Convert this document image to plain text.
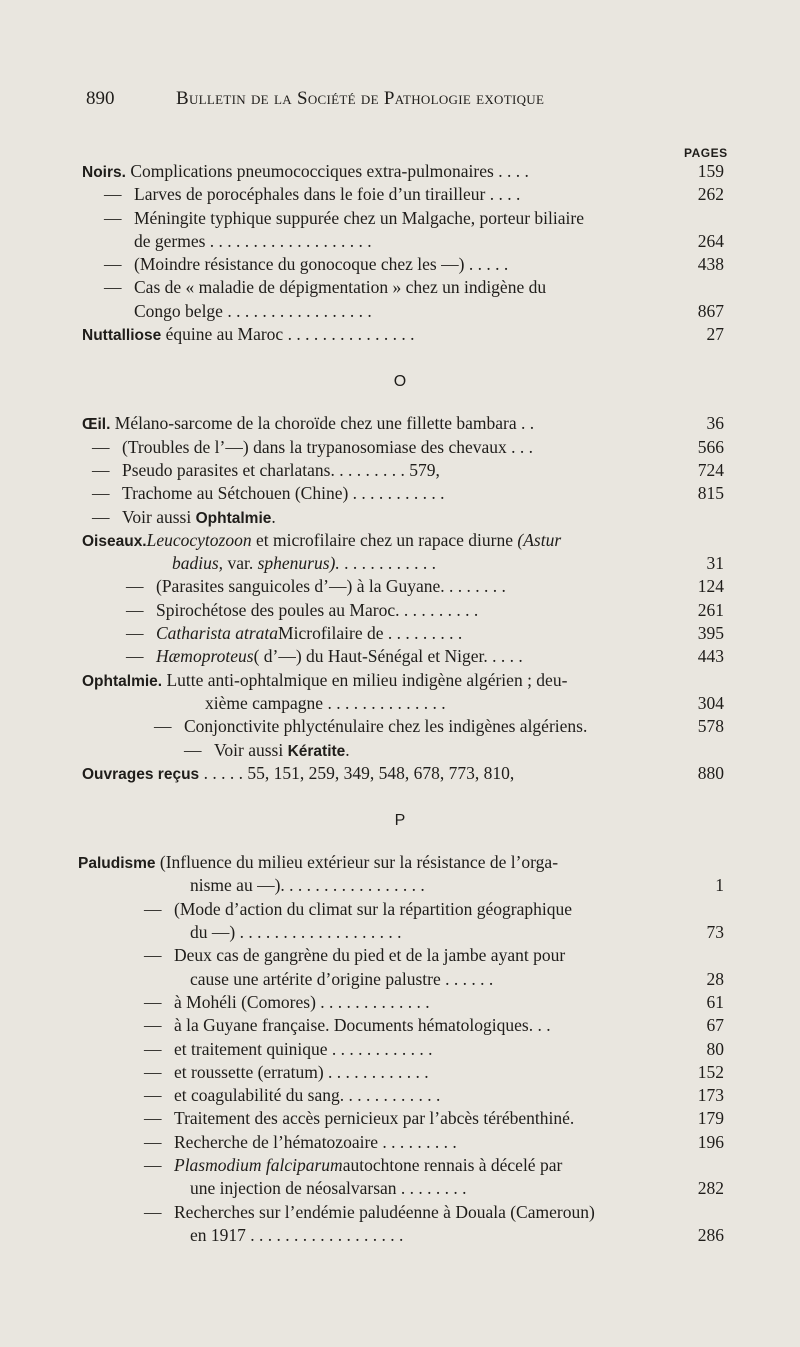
890	Bulletin de la Société de Pathologie exotique
PAGES
Noirs. Complications pneumococciques extra-pulmonaires . . . .	159
— Larves de porocéphales dans le foie d’un tirailleur . . . .	262
— Méningite typhique suppurée chez un Malgache, porteur biliaire
de germes . . . . . . . . . . . . . . . . . . .	264
— (Moindre résistance du gonocoque chez les —) . . . . .	438
— Cas de « maladie de dépigmentation » chez un indigène du
Congo belge . . . . . . . . . . . . . . . . .	867
Nuttalliose équine au Maroc . . . . . . . . . . . . . . .	27
O
Œil. Mélano-sarcome de la choroïde chez une fillette bambara . .	36
— (Troubles de l’—) dans la trypanosomiase des chevaux . . .	566
— Pseudo parasites et charlatans. . . . . . . . . 579,	724
— Trachome au Sétchouen (Chine) . . . . . . . . . . .	815
— Voir aussi Ophtalmie.
Oiseaux.Leucocytozoon et microfilaire chez un rapace diurne (Astur
badius, var. sphenurus). . . . . . . . . . . .	31
— (Parasites sanguicoles d’—) à la Guyane. . . . . . . .	124
— Spirochétose des poules au Maroc. . . . . . . . . .	261
— Catharista atrataMicrofilaire de . . . . . . . . .	395
— Hæmoproteus( d’—) du Haut-Sénégal et Niger. . . . .	443
Ophtalmie. Lutte anti-ophtalmique en milieu indigène algérien ; deu-
xième campagne . . . . . . . . . . . . . .	304
— Conjonctivite phlycténulaire chez les indigènes algériens.	578
— Voir aussi Kératite.
Ouvrages reçus . . . . . 55, 151, 259, 349, 548, 678, 773, 810,	880
P
Paludisme (Influence du milieu extérieur sur la résistance de l’orga-
nisme au —). . . . . . . . . . . . . . . . .	1
— (Mode d’action du climat sur la répartition géographique
du —) . . . . . . . . . . . . . . . . . . .	73
— Deux cas de gangrène du pied et de la jambe ayant pour
cause une artérite d’origine palustre . . . . . .	28
— à Mohéli (Comores) . . . . . . . . . . . . .	61
— à la Guyane française. Documents hématologiques. . .	67
— et traitement quinique . . . . . . . . . . . .	80
— et roussette (erratum) . . . . . . . . . . . .	152
— et coagulabilité du sang. . . . . . . . . . . .	173
— Traitement des accès pernicieux par l’abcès térébenthiné.	179
— Recherche de l’hématozoaire . . . . . . . . .	196
— Plasmodium falciparumautochtone rennais à décelé par
une injection de néosalvarsan . . . . . . . .	282
— Recherches sur l’endémie paludéenne à Douala (Cameroun)
en 1917 . . . . . . . . . . . . . . . . . .	286
